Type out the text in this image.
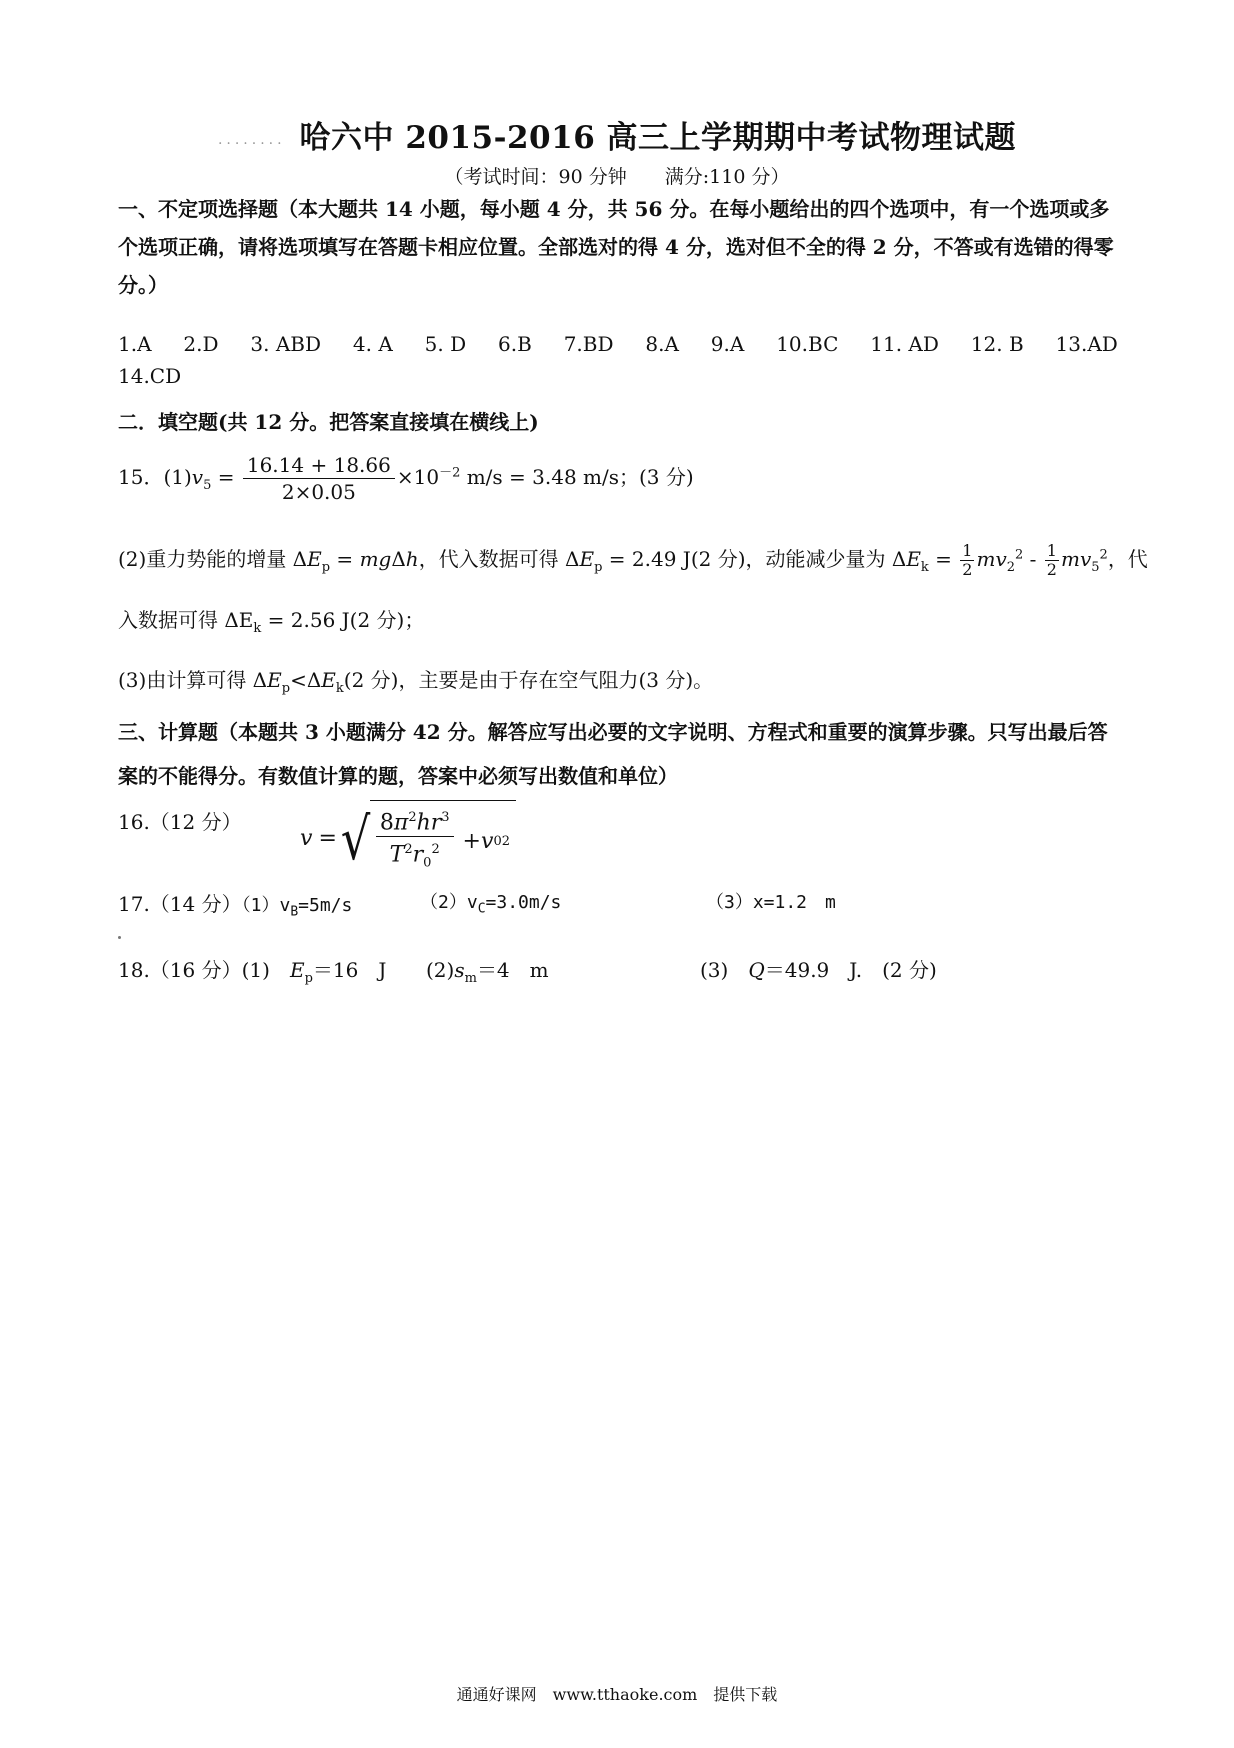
........ 哈六中 2015-2016 高三上学期期中考试物理试题
（考试时间：90 分钟　　满分:110 分）
一、不定项选择题（本大题共 14 小题，每小题 4 分，共 56 分。在每小题给出的四个选项中，有一个选项或多个选项正确，请将选项填写在答题卡相应位置。全部选对的得 4 分，选对但不全的得 2 分，不答或有选错的得零分。）
1.A 2.D 3. ABD 4. A 5. D 6.B 7.BD 8.A 9.A 10.BC 11. AD 12. B 13.AD
14.CD
二．填空题(共 12 分。把答案直接填在横线上)
15．$(1)v_5 = \frac{16.14 + 18.66}{2\times 0.05} \times 10^{-2}$ m/s = 3.48 m/s；(3 分)
(2)重力势能的增量 $\Delta E_p = mg\Delta h$，代入数据可得 $\Delta E_p = 2.49$ J(2 分)，动能减少量为 $\Delta E_k = \frac{1}{2} mv_2^2 - \frac{1}{2} mv_5^2$，代
入数据可得 $\Delta E_k = 2.56$ J(2 分)；
(3)由计算可得 $\Delta E_p<\Delta E_k(2$ 分)，主要是由于存在空气阻力(3 分)。
三、计算题（本题共 3 小题满分 42 分。解答应写出必要的文字说明、方程式和重要的演算步骤。只写出最后答案的不能得分。有数值计算的题，答案中必须写出数值和单位）
16.（12 分）
v = √ $\frac{8\pi^2hr^3}{T^2r_0^2} + v$ 0 2
17.（14 分）$(1)v_B=5m/s$	$(2)v_C=3.0m/s$	（3）x=1.2　m
18.（16 分）(1)　$E_p=16$　J $(2)s_m=4$　m	(3)　Q＝49.9　J.　(2 分)
通通好课网　www.tthaoke.com　提供下载
